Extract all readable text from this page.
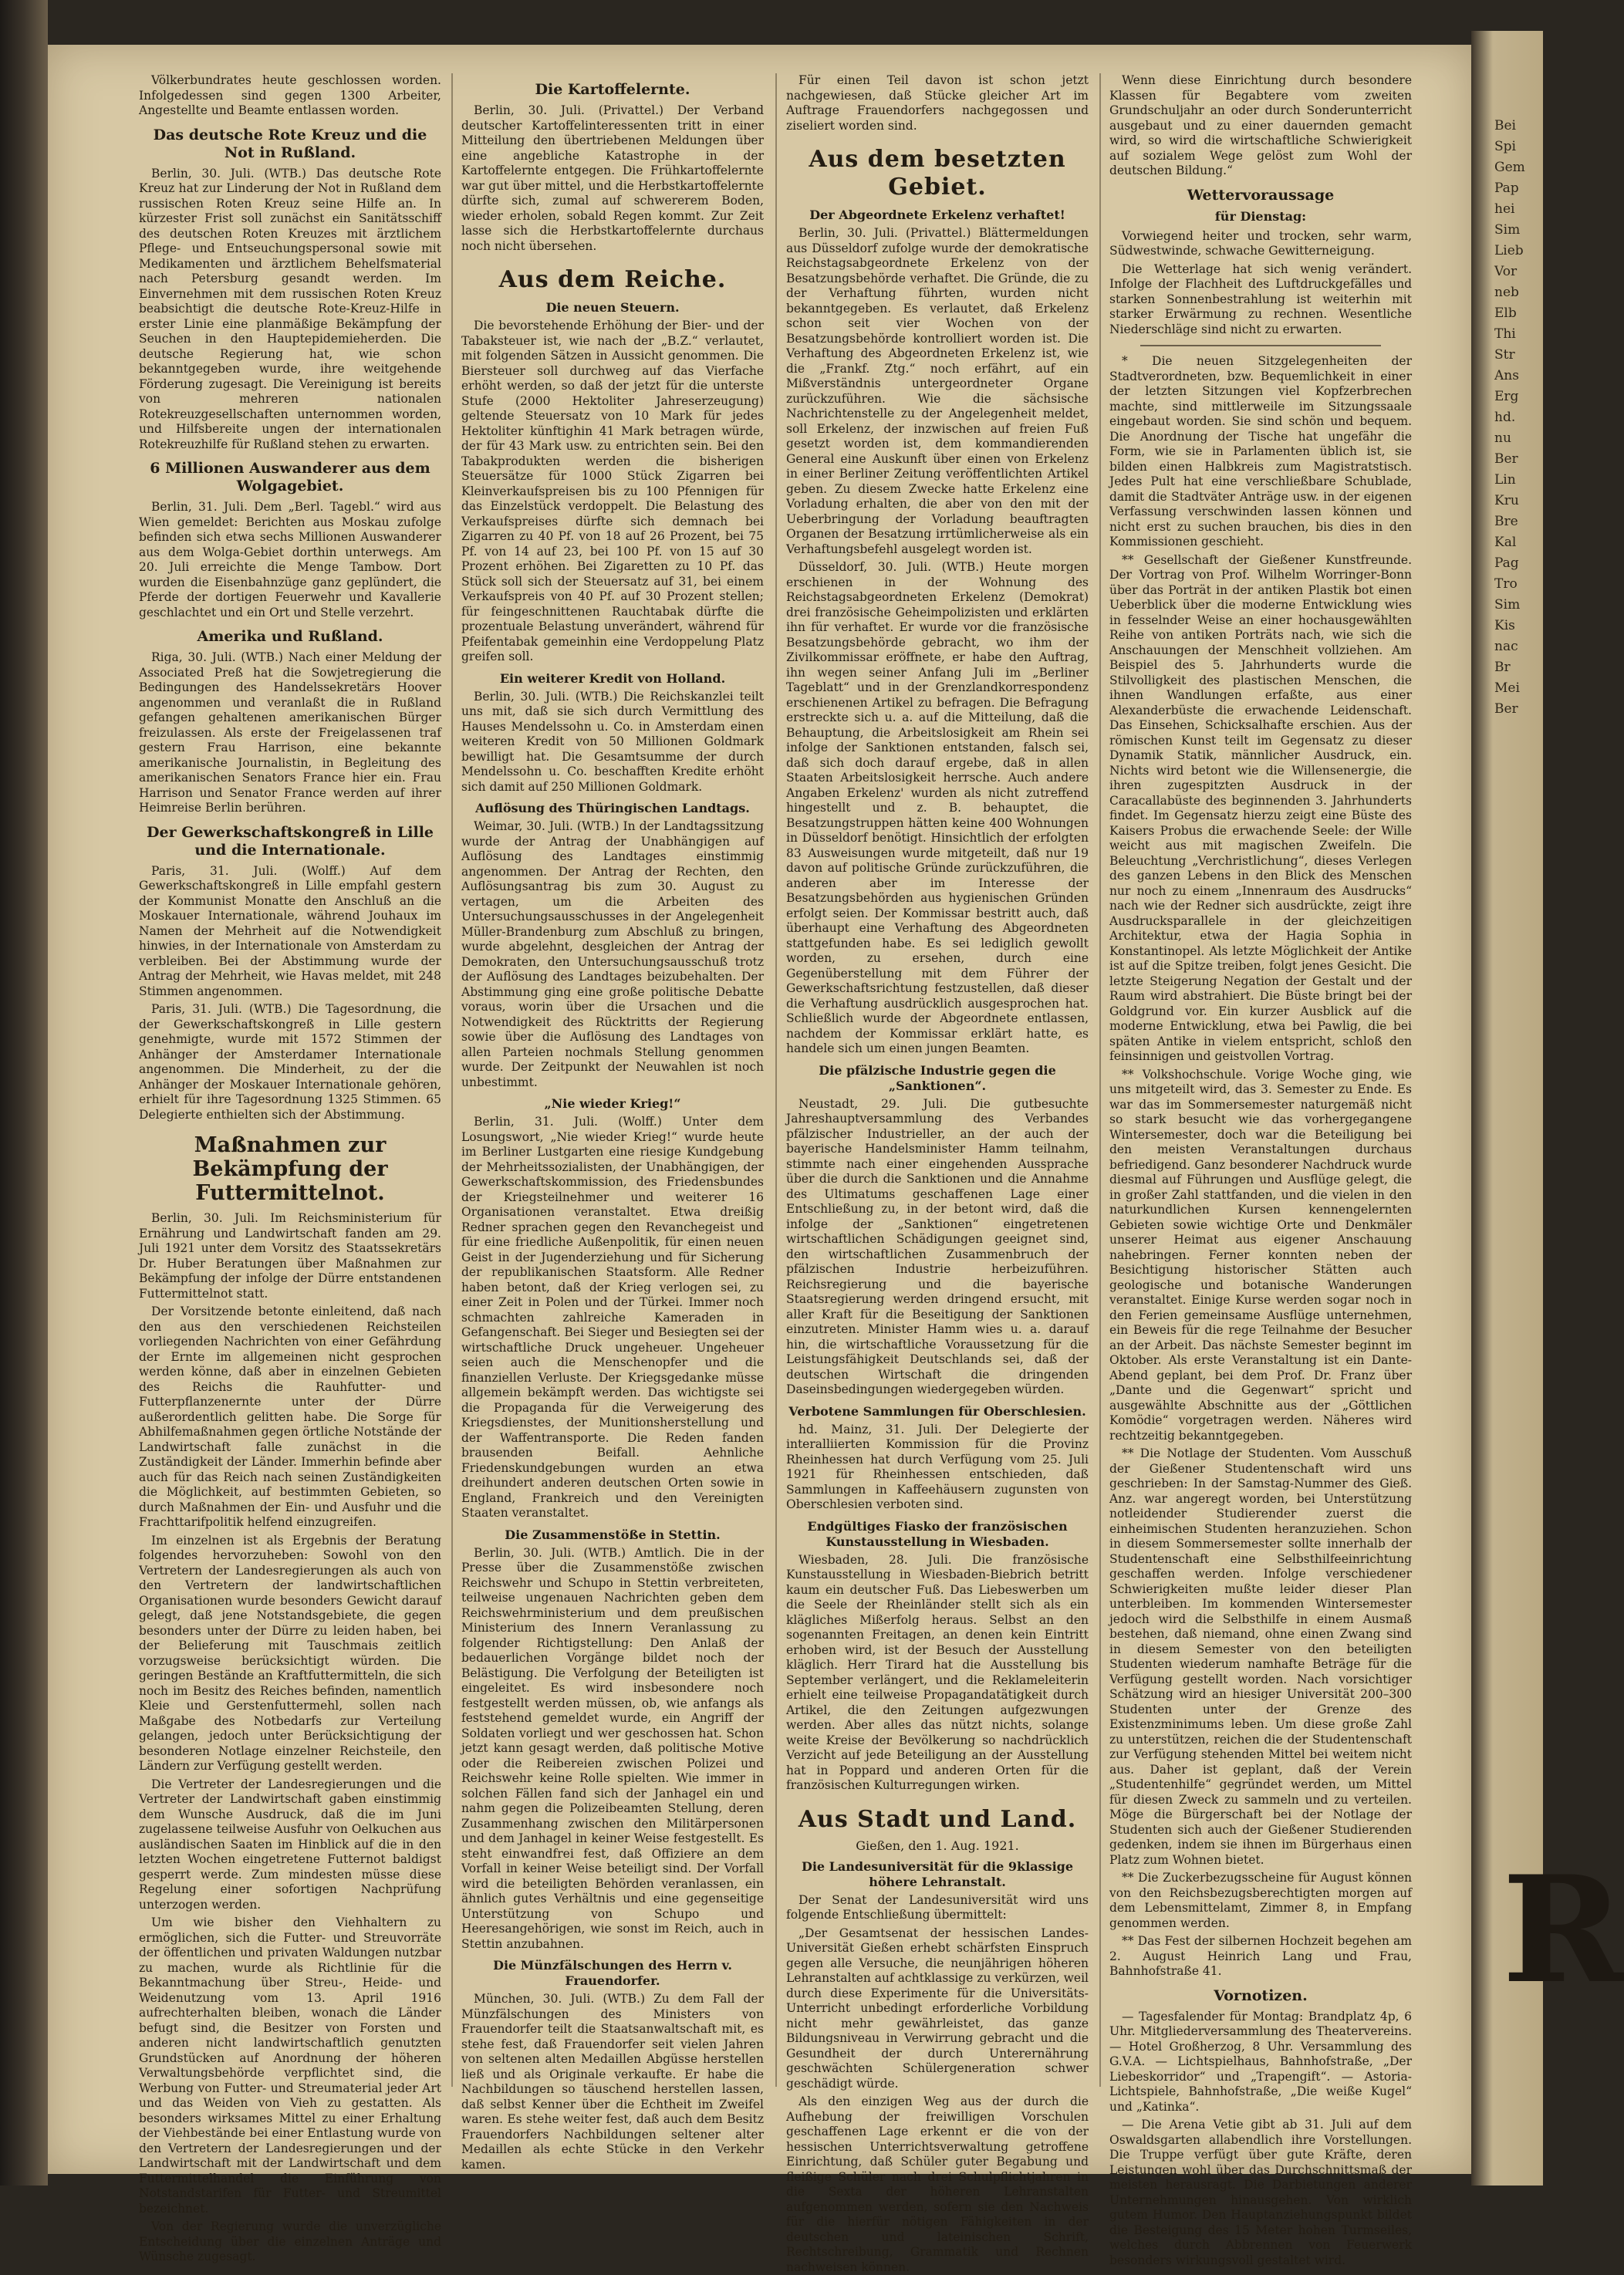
Bei
Spi
Gem
Pap
hei
Sim
Lieb
Vor
neb
Elb
Thi
Str
Ans
Erg
hd.
nu
Ber
Lin
Kru
Bre
Kal
Pag
Tro
Sim
Kis
nac
Br
Mei
Ber
R

Völkerbundrates heute geschlossen worden. Infolgedessen sind gegen 1300 Arbeiter, Angestellte und Beamte entlassen worden.

Das deutsche Rote Kreuz und die Not in Rußland.

Berlin, 30. Juli. (WTB.) Das deutsche Rote Kreuz hat zur Linderung der Not in Rußland dem russischen Roten Kreuz seine Hilfe an. In kürzester Frist soll zunächst ein Sanitätsschiff des deutschen Roten Kreuzes mit ärztlichem Pflege- und Entseuchungspersonal sowie mit Medikamenten und ärztlichem Behelfsmaterial nach Petersburg gesandt werden. Im Einvernehmen mit dem russischen Roten Kreuz beabsichtigt die deutsche Rote-Kreuz-Hilfe in erster Linie eine planmäßige Bekämpfung der Seuchen in den Hauptepidemieherden. Die deutsche Regierung hat, wie schon bekanntgegeben wurde, ihre weitgehende Förderung zugesagt. Die Vereinigung ist bereits von mehreren nationalen Rotekreuzgesellschaften unternommen worden, und Hilfsbereite ungen der internationalen Rotekreuzhilfe für Rußland stehen zu erwarten.

6 Millionen Auswanderer aus dem Wolgagebiet.

Berlin, 31. Juli. Dem „Berl. Tagebl.“ wird aus Wien gemeldet: Berichten aus Moskau zufolge befinden sich etwa sechs Millionen Auswanderer aus dem Wolga-Gebiet dorthin unterwegs. Am 20. Juli erreichte die Menge Tambow. Dort wurden die Eisenbahnzüge ganz geplündert, die Pferde der dortigen Feuerwehr und Kavallerie geschlachtet und ein Ort und Stelle verzehrt.

Amerika und Rußland.

Riga, 30. Juli. (WTB.) Nach einer Meldung der Associated Preß hat die Sowjetregierung die Bedingungen des Handelssekretärs Hoover angenommen und veranlaßt die in Rußland gefangen gehaltenen amerikanischen Bürger freizulassen. Als erste der Freigelassenen traf gestern Frau Harrison, eine bekannte amerikanische Journalistin, in Begleitung des amerikanischen Senators France hier ein. Frau Harrison und Senator France werden auf ihrer Heimreise Berlin berühren.

Der Gewerkschaftskongreß in Lille und die Internationale.

Paris, 31. Juli. (Wolff.) Auf dem Gewerkschaftskongreß in Lille empfahl gestern der Kommunist Monatte den Anschluß an die Moskauer Internationale, während Jouhaux im Namen der Mehrheit auf die Notwendigkeit hinwies, in der Internationale von Amsterdam zu verbleiben. Bei der Abstimmung wurde der Antrag der Mehrheit, wie Havas meldet, mit 248 Stimmen angenommen.

Paris, 31. Juli. (WTB.) Die Tagesordnung, die der Gewerkschaftskongreß in Lille gestern genehmigte, wurde mit 1572 Stimmen der Anhänger der Amsterdamer Internationale angenommen. Die Minderheit, zu der die Anhänger der Moskauer Internationale gehören, erhielt für ihre Tagesordnung 1325 Stimmen. 65 Delegierte enthielten sich der Abstimmung.

Maßnahmen zur Bekämpfung der Futtermittelnot.

Berlin, 30. Juli. Im Reichsministerium für Ernährung und Landwirtschaft fanden am 29. Juli 1921 unter dem Vorsitz des Staatssekretärs Dr. Huber Beratungen über Maßnahmen zur Bekämpfung der infolge der Dürre entstandenen Futtermittelnot statt.

Der Vorsitzende betonte einleitend, daß nach den aus den verschiedenen Reichsteilen vorliegenden Nachrichten von einer Gefährdung der Ernte im allgemeinen nicht gesprochen werden könne, daß aber in einzelnen Gebieten des Reichs die Rauhfutter- und Futterpflanzenernte unter der Dürre außerordentlich gelitten habe. Die Sorge für Abhilfemaßnahmen gegen örtliche Notstände der Landwirtschaft falle zunächst in die Zuständigkeit der Länder. Immerhin befinde aber auch für das Reich nach seinen Zuständigkeiten die Möglichkeit, auf bestimmten Gebieten, so durch Maßnahmen der Ein- und Ausfuhr und die Frachttarifpolitik helfend einzugreifen.

Im einzelnen ist als Ergebnis der Beratung folgendes hervorzuheben: Sowohl von den Vertretern der Landesregierungen als auch von den Vertretern der landwirtschaftlichen Organisationen wurde besonders Gewicht darauf gelegt, daß jene Notstandsgebiete, die gegen besonders unter der Dürre zu leiden haben, bei der Belieferung mit Tauschmais zeitlich vorzugsweise berücksichtigt würden. Die geringen Bestände an Kraftfuttermitteln, die sich noch im Besitz des Reiches befinden, namentlich Kleie und Gerstenfuttermehl, sollen nach Maßgabe des Notbedarfs zur Verteilung gelangen, jedoch unter Berücksichtigung der besonderen Notlage einzelner Reichsteile, den Ländern zur Verfügung gestellt werden.

Die Vertreter der Landesregierungen und die Vertreter der Landwirtschaft gaben einstimmig dem Wunsche Ausdruck, daß die im Juni zugelassene teilweise Ausfuhr von Oelkuchen aus ausländischen Saaten im Hinblick auf die in den letzten Wochen eingetretene Futternot baldigst gesperrt werde. Zum mindesten müsse diese Regelung einer sofortigen Nachprüfung unterzogen werden.

Um wie bisher den Viehhaltern zu ermöglichen, sich die Futter- und Streuvorräte der öffentlichen und privaten Waldungen nutzbar zu machen, wurde als Richtlinie für die Bekanntmachung über Streu-, Heide- und Weidenutzung vom 13. April 1916 aufrechterhalten bleiben, wonach die Länder befugt sind, die Besitzer von Forsten und anderen nicht landwirtschaftlich genutzten Grundstücken auf Anordnung der höheren Verwaltungsbehörde verpflichtet sind, die Werbung von Futter- und Streumaterial jeder Art und das Weiden von Vieh zu gestatten. Als besonders wirksames Mittel zu einer Erhaltung der Viehbestände bei einer Entlastung wurde von den Vertretern der Landesregierungen und der Landwirtschaft mit der Landwirtschaft und dem Futtermittelhandel die Einführung von Notstandstarifen für Futter- und Streumittel bezeichnet.

Von der Regierung wurde die unverzügliche Entscheidung über die einzelnen Anträge und Wünsche zugesagt.

Die Kartoffelernte.

Berlin, 30. Juli. (Privattel.) Der Verband deutscher Kartoffelinteressenten tritt in einer Mitteilung den übertriebenen Meldungen über eine angebliche Katastrophe in der Kartoffelernte entgegen. Die Frühkartoffelernte war gut über mittel, und die Herbstkartoffelernte dürfte sich, zumal auf schwererem Boden, wieder erholen, sobald Regen kommt. Zur Zeit lasse sich die Herbstkartoffelernte durchaus noch nicht übersehen.

Aus dem Reiche.
Die neuen Steuern.

Die bevorstehende Erhöhung der Bier- und der Tabaksteuer ist, wie nach der „B.Z.“ verlautet, mit folgenden Sätzen in Aussicht genommen. Die Biersteuer soll durchweg auf das Vierfache erhöht werden, so daß der jetzt für die unterste Stufe (2000 Hektoliter Jahreserzeugung) geltende Steuersatz von 10 Mark für jedes Hektoliter künftighin 41 Mark betragen würde, der für 43 Mark usw. zu entrichten sein. Bei den Tabakprodukten werden die bisherigen Steuersätze für 1000 Stück Zigarren bei Kleinverkaufspreisen bis zu 100 Pfennigen für das Einzelstück verdoppelt. Die Belastung des Verkaufspreises dürfte sich demnach bei Zigarren zu 40 Pf. von 18 auf 26 Prozent, bei 75 Pf. von 14 auf 23, bei 100 Pf. von 15 auf 30 Prozent erhöhen. Bei Zigaretten zu 10 Pf. das Stück soll sich der Steuersatz auf 31, bei einem Verkaufspreis von 40 Pf. auf 30 Prozent stellen; für feingeschnittenen Rauchtabak dürfte die prozentuale Belastung unverändert, während für Pfeifentabak gemeinhin eine Verdoppelung Platz greifen soll.

Ein weiterer Kredit von Holland.

Berlin, 30. Juli. (WTB.) Die Reichskanzlei teilt uns mit, daß sie sich durch Vermittlung des Hauses Mendelssohn u. Co. in Amsterdam einen weiteren Kredit von 50 Millionen Goldmark bewilligt hat. Die Gesamtsumme der durch Mendelssohn u. Co. beschafften Kredite erhöht sich damit auf 250 Millionen Goldmark.

Auflösung des Thüringischen Landtags.

Weimar, 30. Juli. (WTB.) In der Landtagssitzung wurde der Antrag der Unabhängigen auf Auflösung des Landtages einstimmig angenommen. Der Antrag der Rechten, den Auflösungsantrag bis zum 30. August zu vertagen, um die Arbeiten des Untersuchungsausschusses in der Angelegenheit Müller-Brandenburg zum Abschluß zu bringen, wurde abgelehnt, desgleichen der Antrag der Demokraten, den Untersuchungsausschuß trotz der Auflösung des Landtages beizubehalten. Der Abstimmung ging eine große politische Debatte voraus, worin über die Ursachen und die Notwendigkeit des Rücktritts der Regierung sowie über die Auflösung des Landtages von allen Parteien nochmals Stellung genommen wurde. Der Zeitpunkt der Neuwahlen ist noch unbestimmt.

„Nie wieder Krieg!“

Berlin, 31. Juli. (Wolff.) Unter dem Losungswort, „Nie wieder Krieg!“ wurde heute im Berliner Lustgarten eine riesige Kundgebung der Mehrheitssozialisten, der Unabhängigen, der Gewerkschaftskommission, des Friedensbundes der Kriegsteilnehmer und weiterer 16 Organisationen veranstaltet. Etwa dreißig Redner sprachen gegen den Revanchegeist und für eine friedliche Außenpolitik, für einen neuen Geist in der Jugenderziehung und für Sicherung der republikanischen Staatsform. Alle Redner haben betont, daß der Krieg verlogen sei, zu einer Zeit in Polen und der Türkei. Immer noch schmachten zahlreiche Kameraden in Gefangenschaft. Bei Sieger und Besiegten sei der wirtschaftliche Druck ungeheuer. Ungeheuer seien auch die Menschenopfer und die finanziellen Verluste. Der Kriegsgedanke müsse allgemein bekämpft werden. Das wichtigste sei die Propaganda für die Verweigerung des Kriegsdienstes, der Munitionsherstellung und der Waffentransporte. Die Reden fanden brausenden Beifall. Aehnliche Friedenskundgebungen wurden an etwa dreihundert anderen deutschen Orten sowie in England, Frankreich und den Vereinigten Staaten veranstaltet.

Die Zusammenstöße in Stettin.

Berlin, 30. Juli. (WTB.) Amtlich. Die in der Presse über die Zusammenstöße zwischen Reichswehr und Schupo in Stettin verbreiteten, teilweise ungenauen Nachrichten geben dem Reichswehrministerium und dem preußischen Ministerium des Innern Veranlassung zu folgender Richtigstellung: Den Anlaß der bedauerlichen Vorgänge bildet noch der Belästigung. Die Verfolgung der Beteiligten ist eingeleitet. Es wird insbesondere noch festgestellt werden müssen, ob, wie anfangs als feststehend gemeldet wurde, ein Angriff der Soldaten vorliegt und wer geschossen hat. Schon jetzt kann gesagt werden, daß politische Motive oder die Reibereien zwischen Polizei und Reichswehr keine Rolle spielten. Wie immer in solchen Fällen fand sich der Janhagel ein und nahm gegen die Polizeibeamten Stellung, deren Zusammenhang zwischen den Militärpersonen und dem Janhagel in keiner Weise festgestellt. Es steht einwandfrei fest, daß Offiziere an dem Vorfall in keiner Weise beteiligt sind. Der Vorfall wird die beteiligten Behörden veranlassen, ein ähnlich gutes Verhältnis und eine gegenseitige Unterstützung von Schupo und Heeresangehörigen, wie sonst im Reich, auch in Stettin anzubahnen.

Die Münzfälschungen des Herrn v. Frauendorfer.

München, 30. Juli. (WTB.) Zu dem Fall der Münzfälschungen des Ministers von Frauendorfer teilt die Staatsanwaltschaft mit, es stehe fest, daß Frauendorfer seit vielen Jahren von seltenen alten Medaillen Abgüsse herstellen ließ und als Originale verkaufte. Er habe die Nachbildungen so täuschend herstellen lassen, daß selbst Kenner über die Echtheit im Zweifel waren. Es stehe weiter fest, daß auch dem Besitz Frauendorfers Nachbildungen seltener alter Medaillen als echte Stücke in den Verkehr kamen.

Für einen Teil davon ist schon jetzt nachgewiesen, daß Stücke gleicher Art im Auftrage Frauendorfers nachgegossen und ziseliert worden sind.

Aus dem besetzten Gebiet.
Der Abgeordnete Erkelenz verhaftet!

Berlin, 30. Juli. (Privattel.) Blättermeldungen aus Düsseldorf zufolge wurde der demokratische Reichstagsabgeordnete Erkelenz von der Besatzungsbehörde verhaftet. Die Gründe, die zu der Verhaftung führten, wurden nicht bekanntgegeben. Es verlautet, daß Erkelenz schon seit vier Wochen von der Besatzungsbehörde kontrolliert worden ist. Die Verhaftung des Abgeordneten Erkelenz ist, wie die „Frankf. Ztg.“ noch erfährt, auf ein Mißverständnis untergeordneter Organe zurückzuführen. Wie die sächsische Nachrichtenstelle zu der Angelegenheit meldet, soll Erkelenz, der inzwischen auf freien Fuß gesetzt worden ist, dem kommandierenden General eine Auskunft über einen von Erkelenz in einer Berliner Zeitung veröffentlichten Artikel geben. Zu diesem Zwecke hatte Erkelenz eine Vorladung erhalten, die aber von den mit der Ueberbringung der Vorladung beauftragten Organen der Besatzung irrtümlicherweise als ein Verhaftungsbefehl ausgelegt worden ist.

Düsseldorf, 30. Juli. (WTB.) Heute morgen erschienen in der Wohnung des Reichstagsabgeordneten Erkelenz (Demokrat) drei französische Geheimpolizisten und erklärten ihn für verhaftet. Er wurde vor die französische Besatzungsbehörde gebracht, wo ihm der Zivilkommissar eröffnete, er habe den Auftrag, ihn wegen seiner Anfang Juli im „Berliner Tageblatt“ und in der Grenzlandkorrespondenz erschienenen Artikel zu befragen. Die Befragung erstreckte sich u. a. auf die Mitteilung, daß die Behauptung, die Arbeitslosigkeit am Rhein sei infolge der Sanktionen entstanden, falsch sei, daß sich doch darauf ergebe, daß in allen Staaten Arbeitslosigkeit herrsche. Auch andere Angaben Erkelenz' wurden als nicht zutreffend hingestellt und z. B. behauptet, die Besatzungstruppen hätten keine 400 Wohnungen in Düsseldorf benötigt. Hinsichtlich der erfolgten 83 Ausweisungen wurde mitgeteilt, daß nur 19 davon auf politische Gründe zurückzuführen, die anderen aber im Interesse der Besatzungsbehörden aus hygienischen Gründen erfolgt seien. Der Kommissar bestritt auch, daß überhaupt eine Verhaftung des Abgeordneten stattgefunden habe. Es sei lediglich gewollt worden, zu ersehen, durch eine Gegenüberstellung mit dem Führer der Gewerkschaftsrichtung festzustellen, daß dieser die Verhaftung ausdrücklich ausgesprochen hat. Schließlich wurde der Abgeordnete entlassen, nachdem der Kommissar erklärt hatte, es handele sich um einen jungen Beamten.

Die pfälzische Industrie gegen die „Sanktionen“.

Neustadt, 29. Juli. Die gutbesuchte Jahreshauptversammlung des Verbandes pfälzischer Industrieller, an der auch der bayerische Handelsminister Hamm teilnahm, stimmte nach einer eingehenden Aussprache über die durch die Sanktionen und die Annahme des Ultimatums geschaffenen Lage einer Entschließung zu, in der betont wird, daß die infolge der „Sanktionen“ eingetretenen wirtschaftlichen Schädigungen geeignet sind, den wirtschaftlichen Zusammenbruch der pfälzischen Industrie herbeizuführen. Reichsregierung und die bayerische Staatsregierung werden dringend ersucht, mit aller Kraft für die Beseitigung der Sanktionen einzutreten. Minister Hamm wies u. a. darauf hin, die wirtschaftliche Voraussetzung für die Leistungsfähigkeit Deutschlands sei, daß der deutschen Wirtschaft die dringenden Daseinsbedingungen wiedergegeben würden.

Verbotene Sammlungen für Oberschlesien.

hd. Mainz, 31. Juli. Der Delegierte der interalliierten Kommission für die Provinz Rheinhessen hat durch Verfügung vom 25. Juli 1921 für Rheinhessen entschieden, daß Sammlungen in Kaffeehäusern zugunsten von Oberschlesien verboten sind.

Endgültiges Fiasko der französischen Kunstausstellung in Wiesbaden.

Wiesbaden, 28. Juli. Die französische Kunstausstellung in Wiesbaden-Biebrich betritt kaum ein deutscher Fuß. Das Liebeswerben um die Seele der Rheinländer stellt sich als ein klägliches Mißerfolg heraus. Selbst an den sogenannten Freitagen, an denen kein Eintritt erhoben wird, ist der Besuch der Ausstellung kläglich. Herr Tirard hat die Ausstellung bis September verlängert, und die Reklameleiterin erhielt eine teilweise Propagandatätigkeit durch Artikel, die den Zeitungen aufgezwungen werden. Aber alles das nützt nichts, solange weite Kreise der Bevölkerung so nachdrücklich Verzicht auf jede Beteiligung an der Ausstellung hat in Poppard und anderen Orten für die französischen Kulturregungen wirken.

Aus Stadt und Land.
Gießen, den 1. Aug. 1921.
Die Landesuniversität für die 9klassige höhere Lehranstalt.

Der Senat der Landesuniversität wird uns folgende Entschließung übermittelt:

„Der Gesamtsenat der hessischen Landes-Universität Gießen erhebt schärfsten Einspruch gegen alle Versuche, die neunjährigen höheren Lehranstalten auf achtklassige zu verkürzen, weil durch diese Experimente für die Universitäts-Unterricht unbedingt erforderliche Vorbildung nicht mehr gewährleistet, das ganze Bildungsniveau in Verwirrung gebracht und die Gesundheit der durch Unterernährung geschwächten Schülergeneration schwer geschädigt würde.

Als den einzigen Weg aus der durch die Aufhebung der freiwilligen Vorschulen geschaffenen Lage erkennt er die von der hessischen Unterrichtsverwaltung getroffene Einrichtung, daß Schüler guter Begabung und fleißige Schüler nach drei Schulpflichtjahren in die Sexta der höheren Lehranstalten aufgenommen werden, sofern sie den Nachweis für die hierfür nötigen Fähigkeiten in der deutschen und lateinischen Schrift, Rechtschreibung, Grammatik und Rechnen nachweisen können.

Wenn diese Einrichtung durch besondere Klassen für Begabtere vom zweiten Grundschuljahr an oder durch Sonderunterricht ausgebaut und zu einer dauernden gemacht wird, so wird die wirtschaftliche Schwierigkeit auf sozialem Wege gelöst zum Wohl der deutschen Bildung.“

Wettervoraussage
für Dienstag:

Vorwiegend heiter und trocken, sehr warm, Südwestwinde, schwache Gewitterneigung.

Die Wetterlage hat sich wenig verändert. Infolge der Flachheit des Luftdruckgefälles und starken Sonnenbestrahlung ist weiterhin mit starker Erwärmung zu rechnen. Wesentliche Niederschläge sind nicht zu erwarten.

* Die neuen Sitzgelegenheiten der Stadtverordneten, bzw. Bequemlichkeit in einer der letzten Sitzungen viel Kopfzerbrechen machte, sind mittlerweile im Sitzungssaale eingebaut worden. Sie sind schön und bequem. Die Anordnung der Tische hat ungefähr die Form, wie sie in Parlamenten üblich ist, sie bilden einen Halbkreis zum Magistratstisch. Jedes Pult hat eine verschließbare Schublade, damit die Stadtväter Anträge usw. in der eigenen Verfassung verschwinden lassen können und nicht erst zu suchen brauchen, bis dies in den Kommissionen geschieht.

** Gesellschaft der Gießener Kunstfreunde. Der Vortrag von Prof. Wilhelm Worringer-Bonn über das Porträt in der antiken Plastik bot einen Ueberblick über die moderne Entwicklung wies in fesselnder Weise an einer hochausgewählten Reihe von antiken Porträts nach, wie sich die Anschauungen der Menschheit vollziehen. Am Beispiel des 5. Jahrhunderts wurde die Stilvolligkeit des plastischen Menschen, die ihnen Wandlungen erfaßte, aus einer Alexanderbüste die erwachende Leidenschaft. Das Einsehen, Schicksalhafte erschien. Aus der römischen Kunst teilt im Gegensatz zu dieser Dynamik Statik, männlicher Ausdruck, ein. Nichts wird betont wie die Willensenergie, die ihren zugespitzten Ausdruck in der Caracallabüste des beginnenden 3. Jahrhunderts findet. Im Gegensatz hierzu zeigt eine Büste des Kaisers Probus die erwachende Seele: der Wille weicht aus mit magischen Zweifeln. Die Beleuchtung „Verchristlichung“, dieses Verlegen des ganzen Lebens in den Blick des Menschen nur noch zu einem „Innenraum des Ausdrucks“ nach wie der Redner sich ausdrückte, zeigt ihre Ausdrucksparallele in der gleichzeitigen Architektur, etwa der Hagia Sophia in Konstantinopel. Als letzte Möglichkeit der Antike ist auf die Spitze treiben, folgt jenes Gesicht. Die letzte Steigerung Negation der Gestalt und der Raum wird abstrahiert. Die Büste bringt bei der Goldgrund vor. Ein kurzer Ausblick auf die moderne Entwicklung, etwa bei Pawlig, die bei späten Antike in vielem entspricht, schloß den feinsinnigen und geistvollen Vortrag.

** Volkshochschule. Vorige Woche ging, wie uns mitgeteilt wird, das 3. Semester zu Ende. Es war das im Sommersemester naturgemäß nicht so stark besucht wie das vorhergegangene Wintersemester, doch war die Beteiligung bei den meisten Veranstaltungen durchaus befriedigend. Ganz besonderer Nachdruck wurde diesmal auf Führungen und Ausflüge gelegt, die in großer Zahl stattfanden, und die vielen in den naturkundlichen Kursen kennengelernten Gebieten sowie wichtige Orte und Denkmäler unserer Heimat aus eigener Anschauung nahebringen. Ferner konnten neben der Besichtigung historischer Stätten auch geologische und botanische Wanderungen veranstaltet. Einige Kurse werden sogar noch in den Ferien gemeinsame Ausflüge unternehmen, ein Beweis für die rege Teilnahme der Besucher an der Arbeit. Das nächste Semester beginnt im Oktober. Als erste Veranstaltung ist ein Dante-Abend geplant, bei dem Prof. Dr. Franz über „Dante und die Gegenwart“ spricht und ausgewählte Abschnitte aus der „Göttlichen Komödie“ vorgetragen werden. Näheres wird rechtzeitig bekanntgegeben.

** Die Notlage der Studenten. Vom Ausschuß der Gießener Studentenschaft wird uns geschrieben: In der Samstag-Nummer des Gieß. Anz. war angeregt worden, bei Unterstützung notleidender Studierender zuerst die einheimischen Studenten heranzuziehen. Schon in diesem Sommersemester sollte innerhalb der Studentenschaft eine Selbsthilfeeinrichtung geschaffen werden. Infolge verschiedener Schwierigkeiten mußte leider dieser Plan unterbleiben. Im kommenden Wintersemester jedoch wird die Selbsthilfe in einem Ausmaß bestehen, daß niemand, ohne einen Zwang sind in diesem Semester von den beteiligten Studenten wiederum namhafte Beträge für die Verfügung gestellt worden. Nach vorsichtiger Schätzung wird an hiesiger Universität 200–300 Studenten unter der Grenze des Existenzminimums leben. Um diese große Zahl zu unterstützen, reichen die der Studentenschaft zur Verfügung stehenden Mittel bei weitem nicht aus. Daher ist geplant, daß der Verein „Studentenhilfe“ gegründet werden, um Mittel für diesen Zweck zu sammeln und zu verteilen. Möge die Bürgerschaft bei der Notlage der Studenten sich auch der Gießener Studierenden gedenken, indem sie ihnen im Bürgerhaus einen Platz zum Wohnen bietet.

** Die Zuckerbezugsscheine für August können von den Reichsbezugsberechtigten morgen auf dem Lebensmittelamt, Zimmer 8, in Empfang genommen werden.

** Das Fest der silbernen Hochzeit begehen am 2. August Heinrich Lang und Frau, Bahnhofstraße 41.

Vornotizen.

— Tagesfalender für Montag: Brandplatz 4p, 6 Uhr. Mitgliederversammlung des Theatervereins. — Hotel Großherzog, 8 Uhr. Versammlung des G.V.A. — Lichtspielhaus, Bahnhofstraße, „Der Liebeskorridor“ und „Trapengift“. — Astoria-Lichtspiele, Bahnhofstraße, „Die weiße Kugel“ und „Katinka“.

— Die Arena Vetie gibt ab 31. Juli auf dem Oswaldsgarten allabendlich ihre Vorstellungen. Die Truppe verfügt über gute Kräfte, deren Leistungen wohl über das Durchschnittsmaß der meisten herausragt. Die Darbietungen anderer Unternehmungen hinausgehen. Von wirklich gutem Humor. Den Hauptanziehungspunkt bildet die Besteigung des 15 Meter hohen Turmseiles, welches durch Abbrennen von Feuerwerk besonders wirkungsvoll gestaltet wird.
